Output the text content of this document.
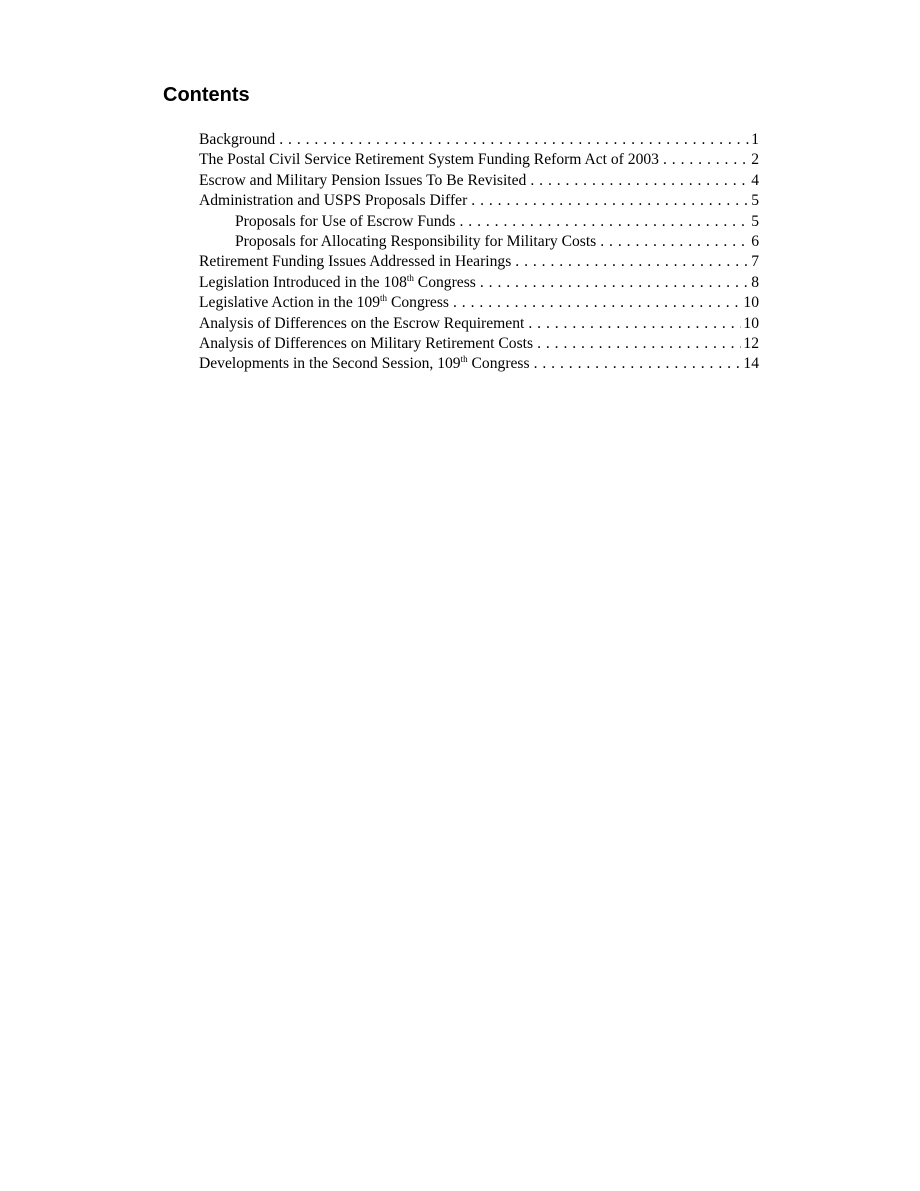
Contents
Background . . .	1
The Postal Civil Service Retirement System Funding Reform Act of 2003 . . .	2
Escrow and Military Pension Issues To Be Revisited . . .	4
Administration and USPS Proposals Differ . . .	5
Proposals for Use of Escrow Funds . . .	5
Proposals for Allocating Responsibility for Military Costs . . .	6
Retirement Funding Issues Addressed in Hearings . . .	7
Legislation Introduced in the 108th Congress . . .	8
Legislative Action in the 109th Congress . . .	10
Analysis of Differences on the Escrow Requirement . . .	10
Analysis of Differences on Military Retirement Costs . . .	12
Developments in the Second Session, 109th Congress . . .	14
